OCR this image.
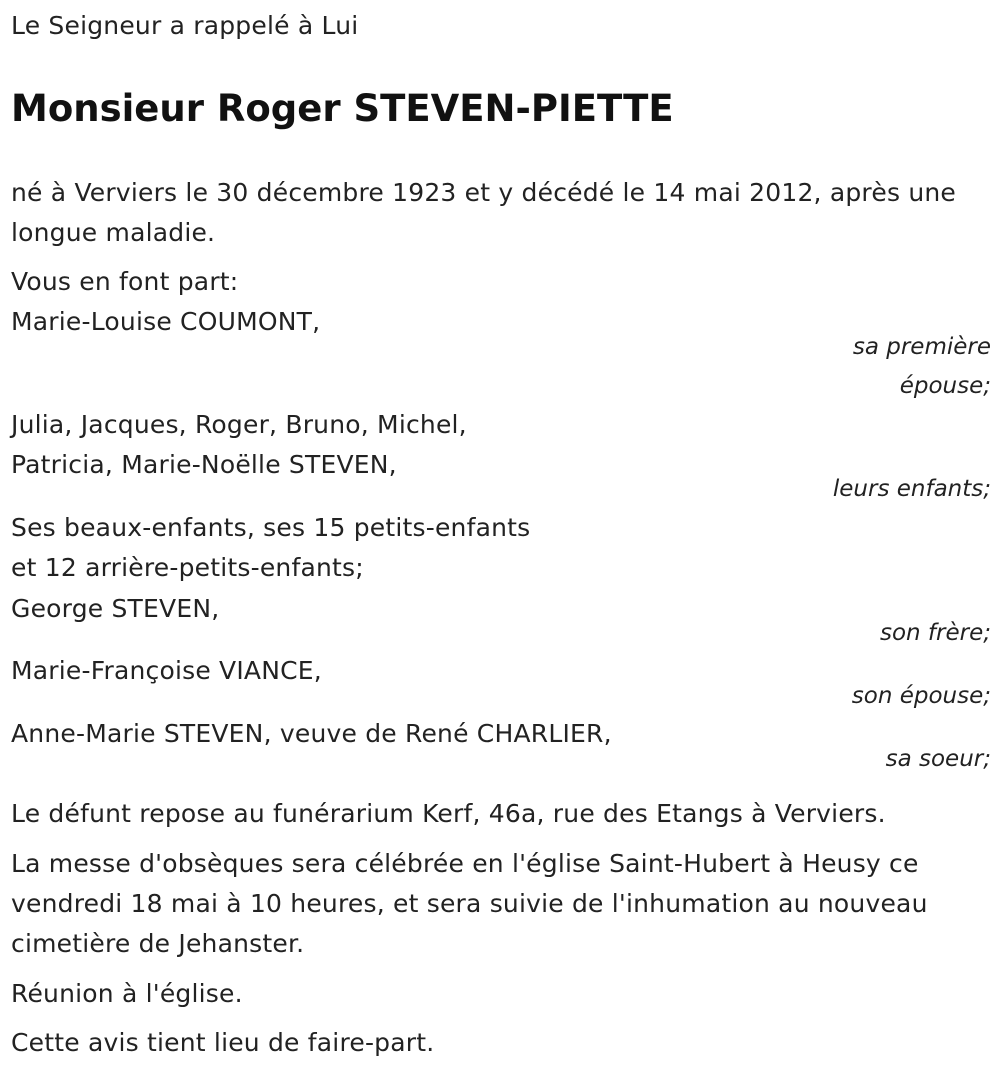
Le Seigneur a rappelé à Lui
Monsieur Roger STEVEN-PIETTE
né à Verviers le 30 décembre 1923 et y décédé le 14 mai 2012, après une
longue maladie.
Vous en font part:
Marie-Louise COUMONT,
sa première
épouse;
Julia, Jacques, Roger, Bruno, Michel,
Patricia, Marie-Noëlle STEVEN,
leurs enfants;
Ses beaux-enfants, ses 15 petits-enfants
et 12 arrière-petits-enfants;
George STEVEN,
son frère;
Marie-Françoise VIANCE,
son épouse;
Anne-Marie STEVEN, veuve de René CHARLIER,
sa soeur;
Le défunt repose au funérarium Kerf, 46a, rue des Etangs à Verviers.
La messe d'obsèques sera célébrée en l'église Saint-Hubert à Heusy ce
vendredi 18 mai à 10 heures, et sera suivie de l'inhumation au nouveau
cimetière de Jehanster.
Réunion à l'église.
Cette avis tient lieu de faire-part.
